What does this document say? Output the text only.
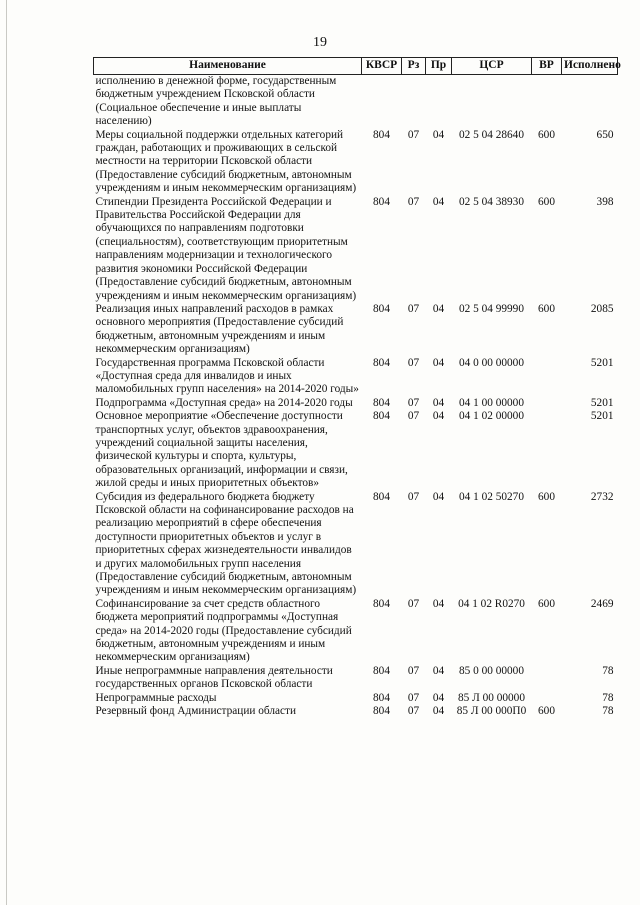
19
Наименование	КВСР	Рз	Пр	ЦСР	ВР	Исполнено
исполнению в денежной форме, государственным бюджетным учреждением Псковской области (Социальное обеспечение и иные выплаты населению)						
Меры социальной поддержки отдельных категорий граждан, работающих и проживающих в сельской местности на территории Псковской области (Предоставление субсидий бюджетным, автономным учреждениям и иным некоммерческим организациям)	804	07	04	02 5 04 28640	600	650
Стипендии Президента Российской Федерации и Правительства Российской Федерации для обучающихся по направлениям подготовки (специальностям), соответствующим приоритетным направлениям модернизации и технологического развития экономики Российской Федерации (Предоставление субсидий бюджетным, автономным учреждениям и иным некоммерческим организациям)	804	07	04	02 5 04 38930	600	398
Реализация иных направлений расходов в рамках основного мероприятия (Предоставление субсидий бюджетным, автономным учреждениям и иным некоммерческим организациям)	804	07	04	02 5 04 99990	600	2085
Государственная программа Псковской области «Доступная среда для инвалидов и иных маломобильных групп населения» на 2014-2020 годы»	804	07	04	04 0 00 00000		5201
Подпрограмма «Доступная среда» на 2014-2020 годы	804	07	04	04 1 00 00000		5201
Основное мероприятие «Обеспечение доступности транспортных услуг, объектов здравоохранения, учреждений социальной защиты населения, физической культуры и спорта, культуры, образовательных организаций, информации и связи, жилой среды и иных приоритетных объектов»	804	07	04	04 1 02 00000		5201
Субсидия из федерального бюджета бюджету Псковской области на софинансирование расходов на реализацию мероприятий в сфере обеспечения доступности приоритетных объектов и услуг в приоритетных сферах жизнедеятельности инвалидов и других маломобильных групп населения (Предоставление субсидий бюджетным, автономным учреждениям и иным некоммерческим организациям)	804	07	04	04 1 02 50270	600	2732
Софинансирование за счет средств областного бюджета мероприятий подпрограммы «Доступная среда» на 2014-2020 годы (Предоставление субсидий бюджетным, автономным учреждениям и иным некоммерческим организациям)	804	07	04	04 1 02 R0270	600	2469
Иные непрограммные направления деятельности государственных органов Псковской области	804	07	04	85 0 00 00000		78
Непрограммные расходы	804	07	04	85 Л 00 00000		78
Резервный фонд Администрации области	804	07	04	85 Л 00 000П0	600	78
